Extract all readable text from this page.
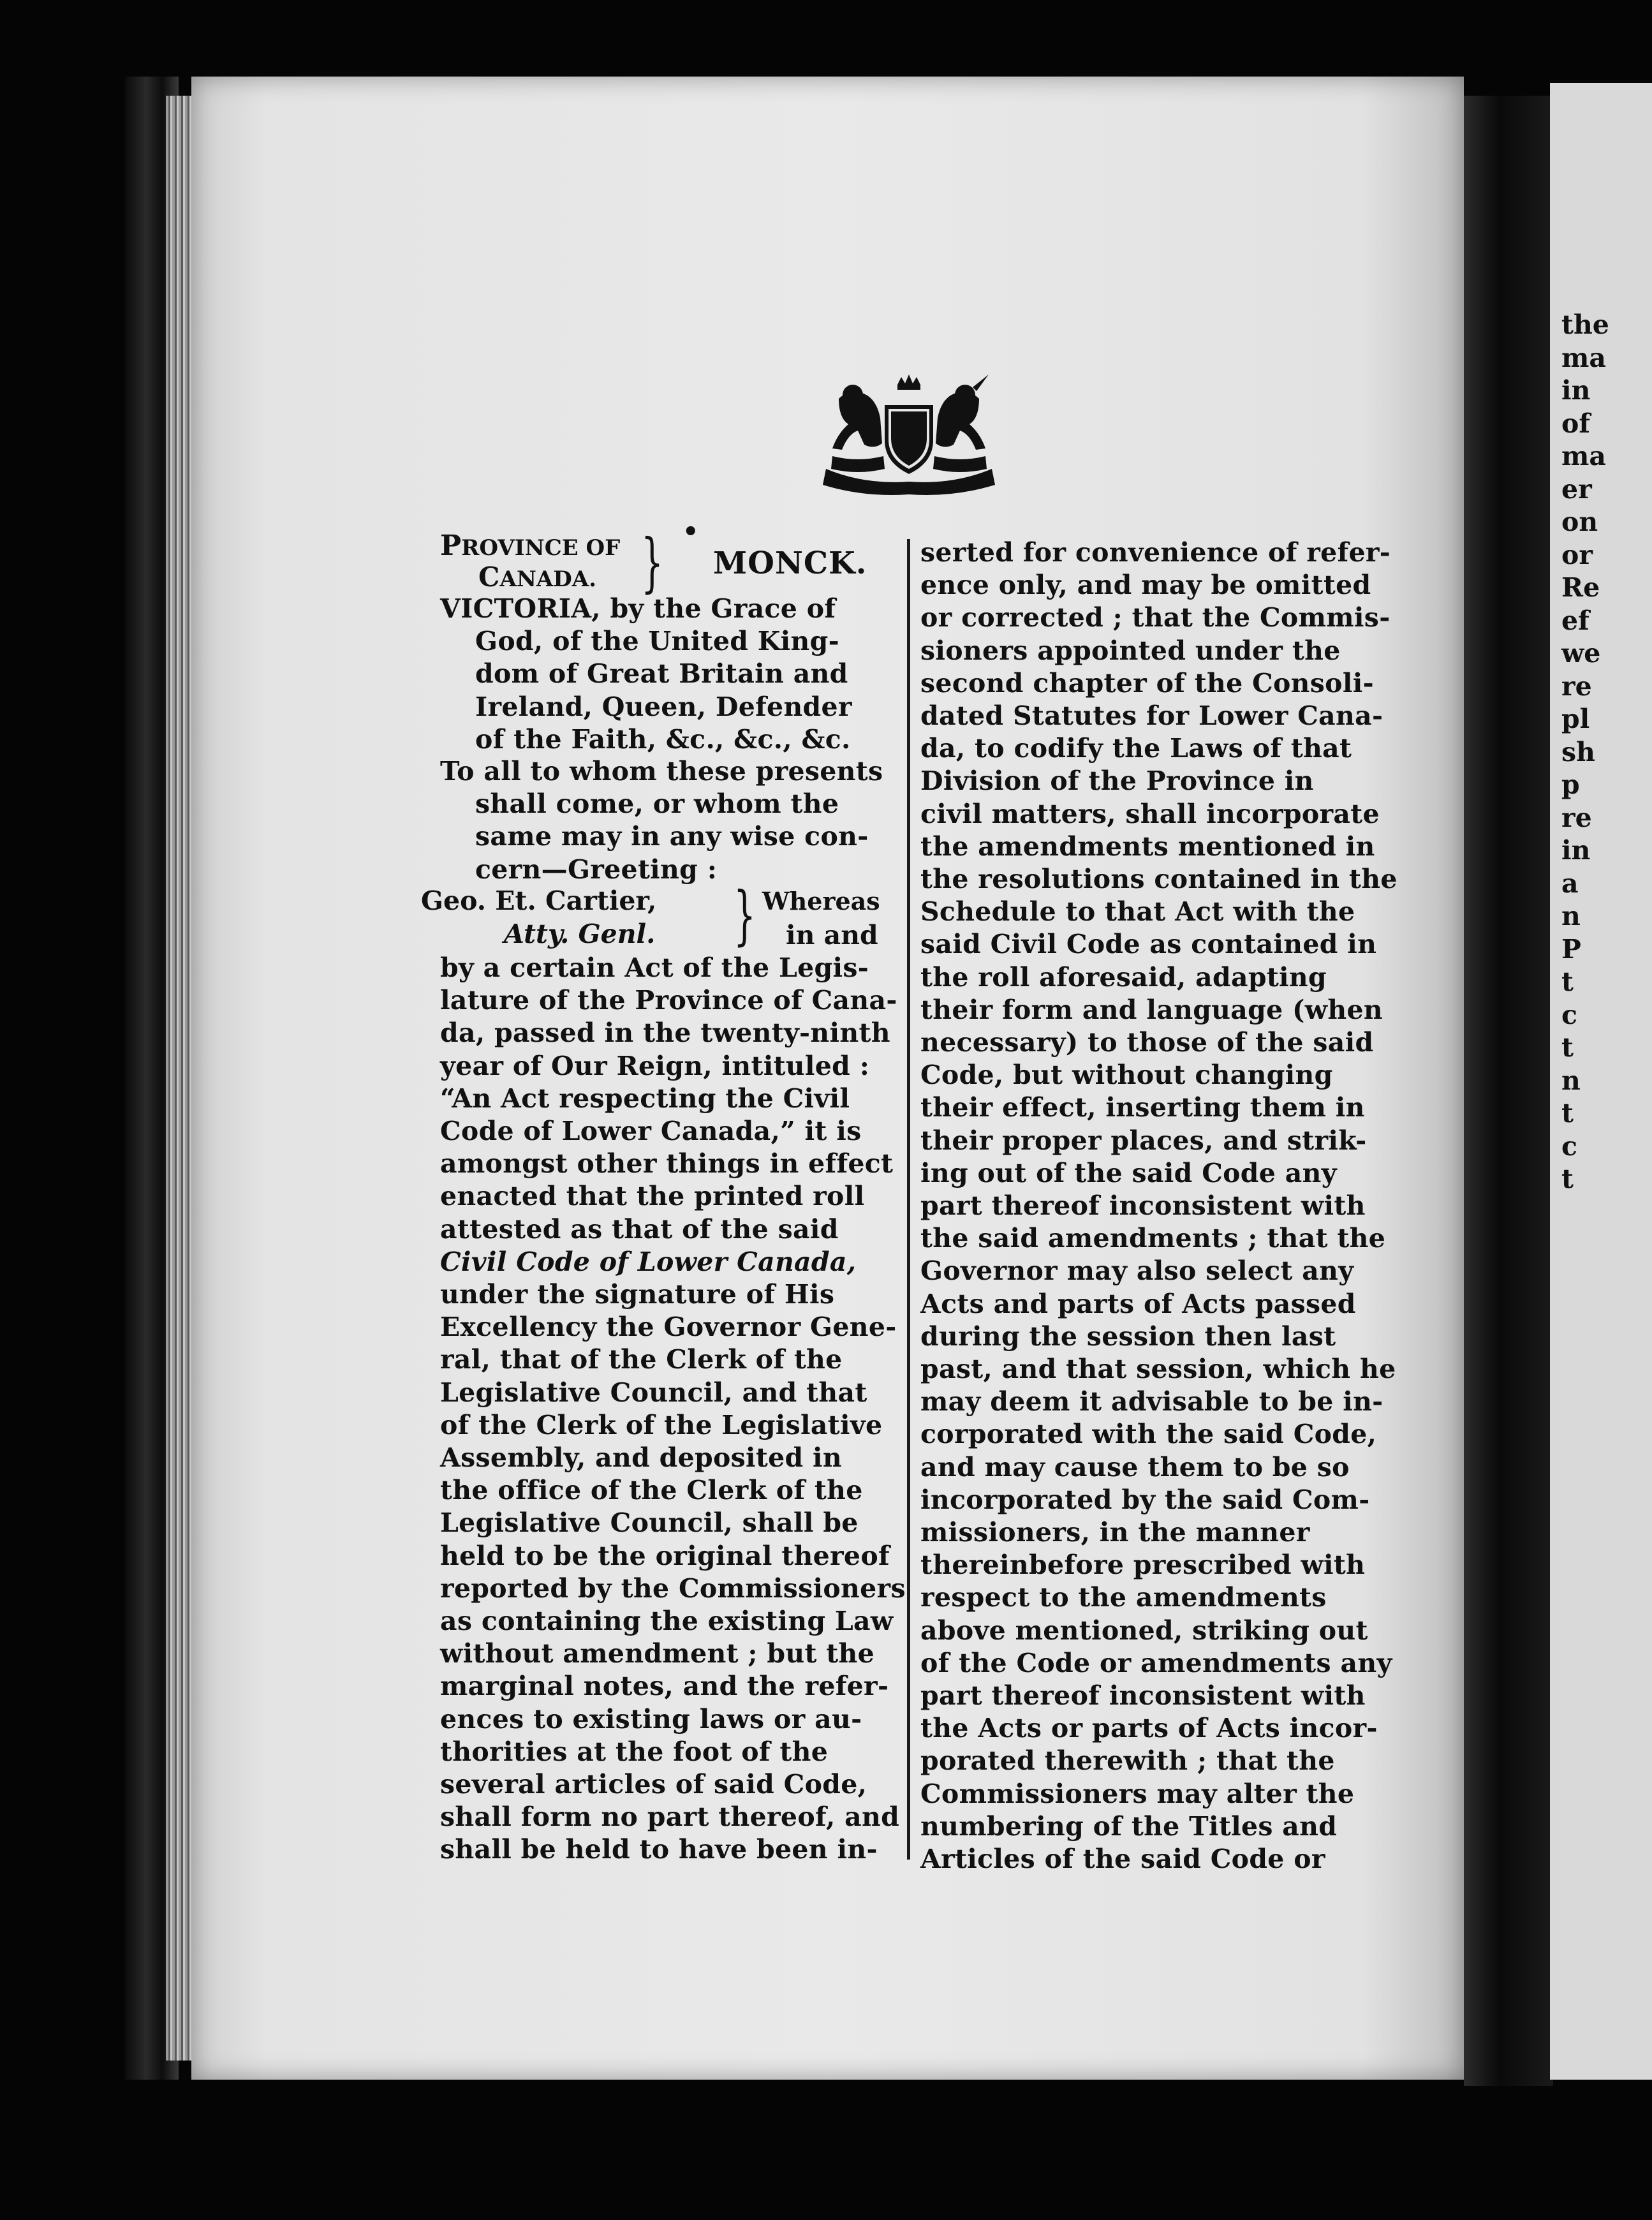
the
ma
in
of
ma
er
on
or
Re
ef
we
re
pl
sh
p
re
in
a
n
P
t
c
t
n
t
c
t
PROVINCE OF
CANADA. } •
MONCK.
VICTORIA, by the Grace of
God, of the United King-
dom of Great Britain and
Ireland, Queen, Defender
of the Faith, &c., &c., &c.
To all to whom these presents
shall come, or whom the
same may in any wise con-
cern—Greeting :
Geo. Et. Cartier,
Atty. Genl. } Whereas
in and
by a certain Act of the Legis-
lature of the Province of Cana-
da, passed in the twenty-ninth
year of Our Reign, intituled :
“An Act respecting the Civil
Code of Lower Canada,” it is
amongst other things in effect
enacted that the printed roll
attested as that of the said
Civil Code of Lower Canada,
under the signature of His
Excellency the Governor Gene-
ral, that of the Clerk of the
Legislative Council, and that
of the Clerk of the Legislative
Assembly, and deposited in
the office of the Clerk of the
Legislative Council, shall be
held to be the original thereof
reported by the Commissioners
as containing the existing Law
without amendment ; but the
marginal notes, and the refer-
ences to existing laws or au-
thorities at the foot of the
several articles of said Code,
shall form no part thereof, and
shall be held to have been in-
serted for convenience of refer-
ence only, and may be omitted
or corrected ; that the Commis-
sioners appointed under the
second chapter of the Consoli-
dated Statutes for Lower Cana-
da, to codify the Laws of that
Division of the Province in
civil matters, shall incorporate
the amendments mentioned in
the resolutions contained in the
Schedule to that Act with the
said Civil Code as contained in
the roll aforesaid, adapting
their form and language (when
necessary) to those of the said
Code, but without changing
their effect, inserting them in
their proper places, and strik-
ing out of the said Code any
part thereof inconsistent with
the said amendments ; that the
Governor may also select any
Acts and parts of Acts passed
during the session then last
past, and that session, which he
may deem it advisable to be in-
corporated with the said Code,
and may cause them to be so
incorporated by the said Com-
missioners, in the manner
thereinbefore prescribed with
respect to the amendments
above mentioned, striking out
of the Code or amendments any
part thereof inconsistent with
the Acts or parts of Acts incor-
porated therewith ; that the
Commissioners may alter the
numbering of the Titles and
Articles of the said Code or
